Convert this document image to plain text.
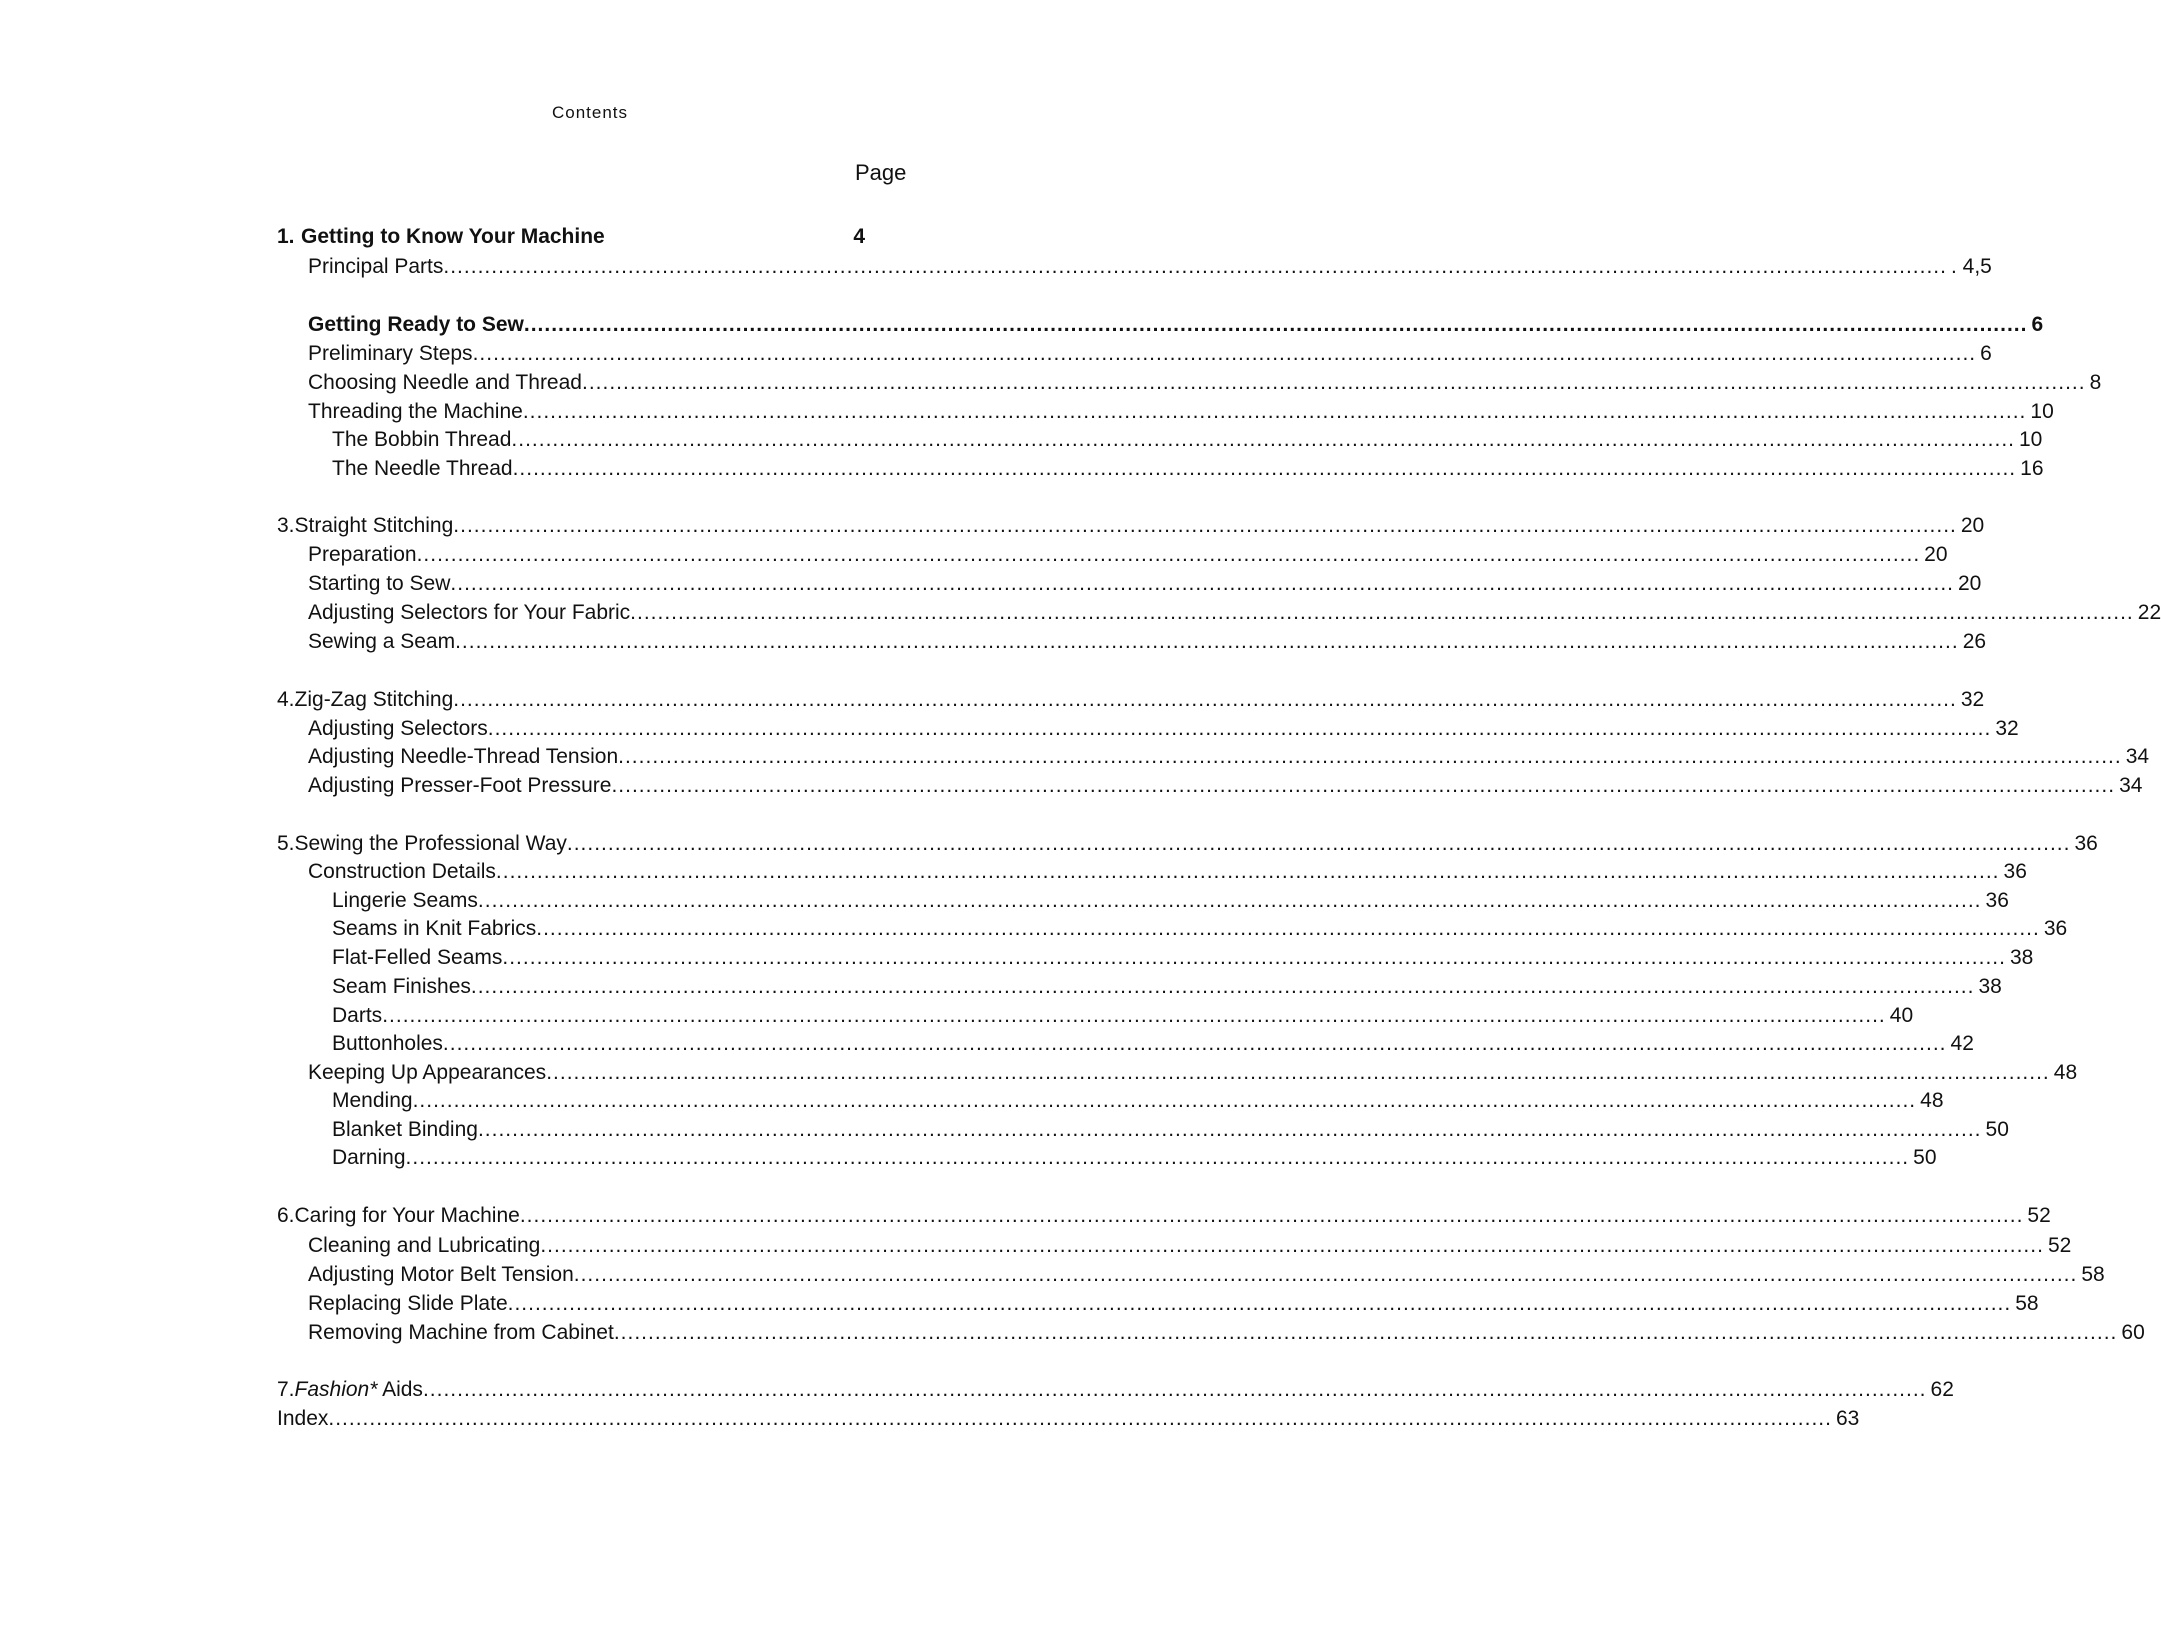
Contents
Page
1. Getting to Know Your Machine	4
Principal Parts ............................................................................................................................................................................................................................ . 4,5
Getting Ready to Sew ............................................................................................................................................................................................................................ 6
Preliminary Steps ............................................................................................................................................................................................................................ 6
Choosing Needle and Thread ............................................................................................................................................................................................................................ 8
Threading the Machine ............................................................................................................................................................................................................................ 10
The Bobbin Thread ............................................................................................................................................................................................................................ 10
The Needle Thread ............................................................................................................................................................................................................................ 16
3. Straight Stitching ............................................................................................................................................................................................................................ 20
Preparation ............................................................................................................................................................................................................................ 20
Starting to Sew ............................................................................................................................................................................................................................ 20
Adjusting Selectors for Your Fabric ............................................................................................................................................................................................................................ 22
Sewing a Seam ............................................................................................................................................................................................................................ 26
4. Zig-Zag Stitching ............................................................................................................................................................................................................................ 32
Adjusting Selectors ............................................................................................................................................................................................................................ 32
Adjusting Needle-Thread Tension ............................................................................................................................................................................................................................ 34
Adjusting Presser-Foot Pressure ............................................................................................................................................................................................................................ 34
5. Sewing the Professional Way ............................................................................................................................................................................................................................ 36
Construction Details ............................................................................................................................................................................................................................ 36
Lingerie Seams ............................................................................................................................................................................................................................ 36
Seams in Knit Fabrics ............................................................................................................................................................................................................................ 36
Flat-Felled Seams ............................................................................................................................................................................................................................ 38
Seam Finishes ............................................................................................................................................................................................................................ 38
Darts ............................................................................................................................................................................................................................ 40
Buttonholes ............................................................................................................................................................................................................................ 42
Keeping Up Appearances ............................................................................................................................................................................................................................ 48
Mending ............................................................................................................................................................................................................................ 48
Blanket Binding ............................................................................................................................................................................................................................ 50
Darning ............................................................................................................................................................................................................................ 50
6. Caring for Your Machine ............................................................................................................................................................................................................................ 52
Cleaning and Lubricating ............................................................................................................................................................................................................................ 52
Adjusting Motor Belt Tension ............................................................................................................................................................................................................................ 58
Replacing Slide Plate ............................................................................................................................................................................................................................ 58
Removing Machine from Cabinet ............................................................................................................................................................................................................................ 60
7. Fashion* Aids ............................................................................................................................................................................................................................ 62
Index ............................................................................................................................................................................................................................ 63
